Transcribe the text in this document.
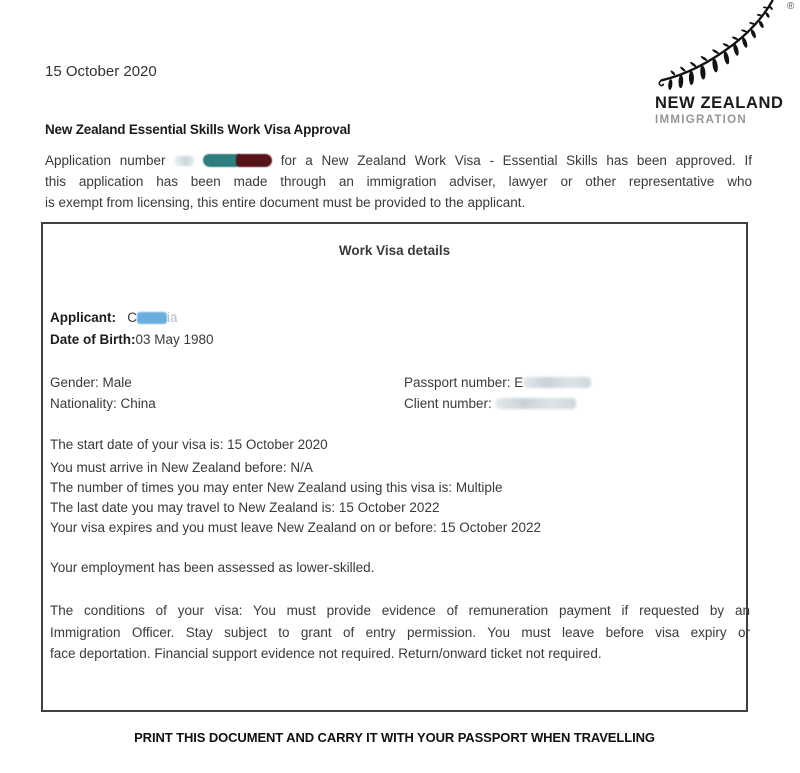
15 October 2020
®
NEW ZEALAND
IMMIGRATION
New Zealand Essential Skills Work Visa Approval
Application number	for a New Zealand Work Visa - Essential Skills has been approved. If
this application has been made through an immigration adviser, lawyer or other representative who
is exempt from licensing, this entire document must be provided to the applicant.
Work Visa details
Applicant: C ia
Date of Birth:03 May 1980
Gender: Male
Nationality: China
Passport number: E
Client number:
The start date of your visa is: 15 October 2020
You must arrive in New Zealand before: N/A
The number of times you may enter New Zealand using this visa is: Multiple
The last date you may travel to New Zealand is: 15 October 2022
Your visa expires and you must leave New Zealand on or before: 15 October 2022
Your employment has been assessed as lower-skilled.
The conditions of your visa: You must provide evidence of remuneration payment if requested by an
Immigration Officer. Stay subject to grant of entry permission. You must leave before visa expiry or
face deportation. Financial support evidence not required. Return/onward ticket not required.
PRINT THIS DOCUMENT AND CARRY IT WITH YOUR PASSPORT WHEN TRAVELLING
